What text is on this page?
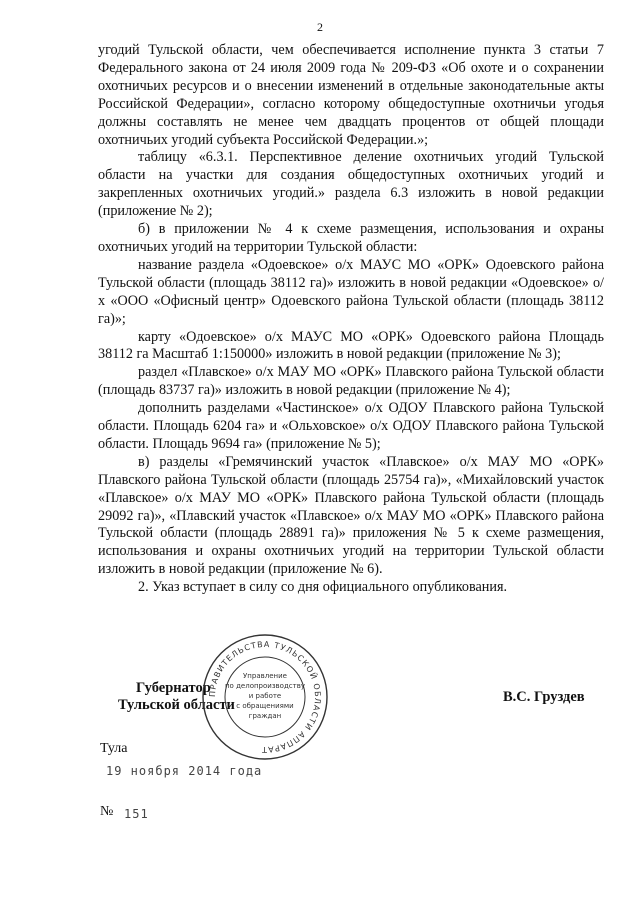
2

угодий Тульской области, чем обеспечивается исполнение пункта 3 статьи 7 Федерального закона от 24 июля 2009 года № 209-ФЗ «Об охоте и о сохранении охотничьих ресурсов и о внесении изменений в отдельные законодательные акты Российской Федерации», согласно которому общедоступные охотничьи угодья должны составлять не менее чем двадцать процентов от общей площади охотничьих угодий субъекта Российской Федерации.»;

таблицу «6.3.1. Перспективное деление охотничьих угодий Тульской области на участки для создания общедоступных охотничьих угодий и закрепленных охотничьих угодий.» раздела 6.3 изложить в новой редакции (приложение № 2);

б) в приложении № 4 к схеме размещения, использования и охраны охотничьих угодий на территории Тульской области:

название раздела «Одоевское» о/х МАУС МО «ОРК» Одоевского района Тульской области (площадь 38112 га)» изложить в новой редакции «Одоевское» о/х «ООО «Офисный центр» Одоевского района Тульской области (площадь 38112 га)»;

карту «Одоевское» о/х МАУС МО «ОРК» Одоевского района Площадь 38112 га Масштаб 1:150000» изложить в новой редакции (приложение № 3);

раздел «Плавское» о/х МАУ МО «ОРК» Плавского района Тульской области (площадь 83737 га)» изложить в новой редакции (приложение № 4);

дополнить разделами «Частинское» о/х ОДОУ Плавского района Тульской области. Площадь 6204 га» и «Ольховское» о/х ОДОУ Плавского района Тульской области. Площадь 9694 га» (приложение № 5);

в) разделы «Гремячинский участок «Плавское» о/х МАУ МО «ОРК» Плавского района Тульской области (площадь 25754 га)», «Михайловский участок «Плавское» о/х МАУ МО «ОРК» Плавского района Тульской области (площадь 29092 га)», «Плавский участок «Плавское» о/х МАУ МО «ОРК» Плавского района Тульской области (площадь 28891 га)» приложения № 5 к схеме размещения, использования и охраны охотничьих угодий на территории Тульской области изложить в новой редакции (приложение № 6).

2. Указ вступает в силу со дня официального опубликования.

Губернатор
Тульской области	В.С. Груздев
ПРАВИТЕЛЬСТВА ТУЛЬСКОЙ ОБЛАСТИ АППАРАТ
Управление
по делопроизводству
и работе
с обращениями
граждан
Тула
19 ноября 2014 года
№ 151
